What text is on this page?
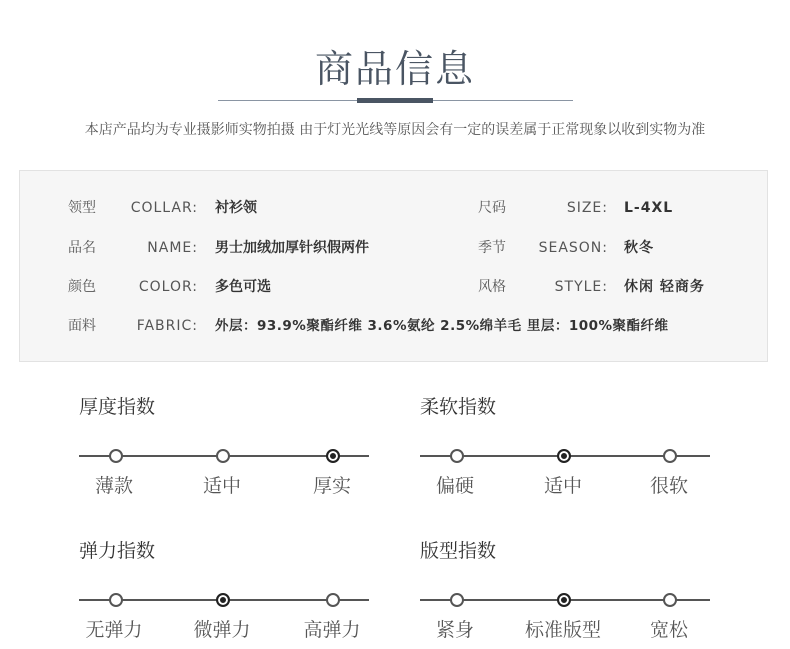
商品信息
本店产品均为专业摄影师实物拍摄 由于灯光光线等原因会有一定的误差属于正常现象以收到实物为准
领型 COLLAR: 衬衫领	尺码	SIZE: L-4XL
品名	NAME: 男士加绒加厚针织假两件	季节 SEASON: 秋冬
颜色	COLOR: 多色可选	风格	STYLE: 休闲 轻商务
面料	FABRIC: 外层：93.9%聚酯纤维 3.6%氨纶 2.5%绵羊毛 里层：100%聚酯纤维
厚度指数
薄款	适中	厚实
柔软指数
偏硬	适中	很软
弹力指数
无弹力	微弹力	高弹力
版型指数
紧身	标准版型	宽松
